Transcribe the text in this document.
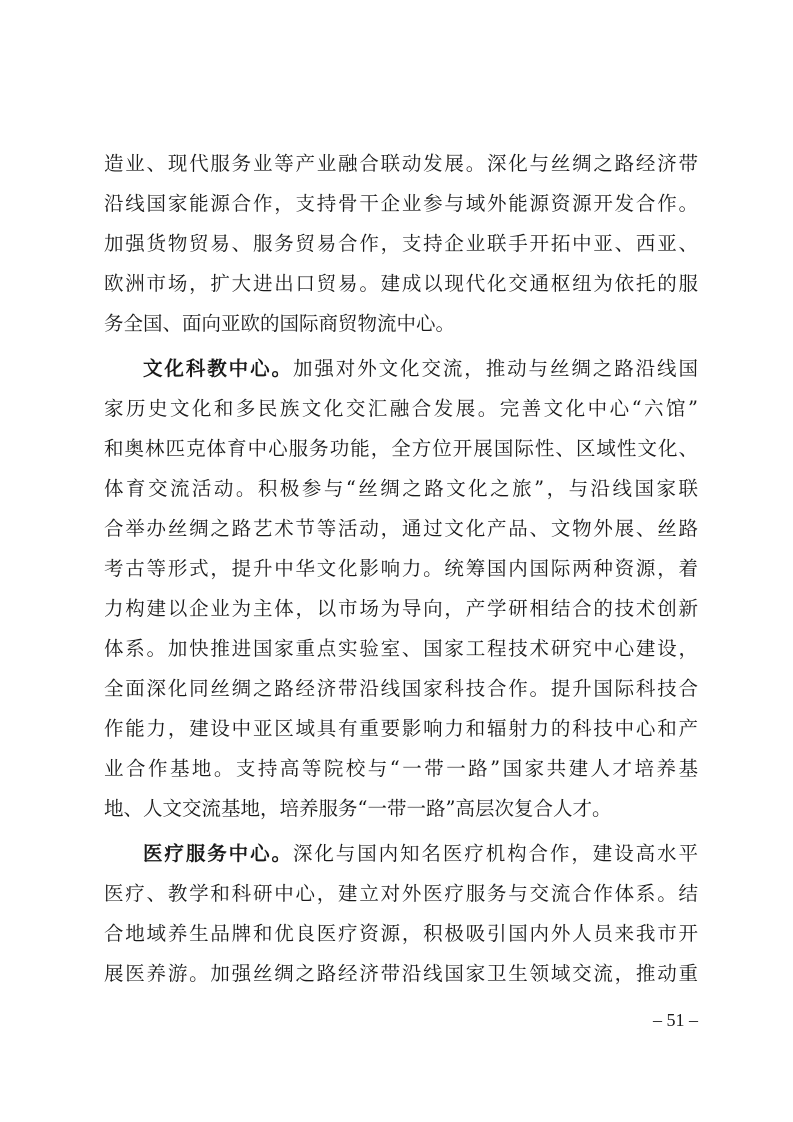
造业、现代服务业等产业融合联动发展。深化与丝绸之路经济带
沿线国家能源合作，支持骨干企业参与域外能源资源开发合作。
加强货物贸易、服务贸易合作，支持企业联手开拓中亚、西亚、
欧洲市场，扩大进出口贸易。建成以现代化交通枢纽为依托的服
务全国、面向亚欧的国际商贸物流中心。
文化科教中心。加强对外文化交流，推动与丝绸之路沿线国
家历史文化和多民族文化交汇融合发展。完善文化中心“六馆”
和奥林匹克体育中心服务功能，全方位开展国际性、区域性文化、
体育交流活动。积极参与“丝绸之路文化之旅”，与沿线国家联
合举办丝绸之路艺术节等活动，通过文化产品、文物外展、丝路
考古等形式，提升中华文化影响力。统筹国内国际两种资源，着
力构建以企业为主体，以市场为导向，产学研相结合的技术创新
体系。加快推进国家重点实验室、国家工程技术研究中心建设，
全面深化同丝绸之路经济带沿线国家科技合作。提升国际科技合
作能力，建设中亚区域具有重要影响力和辐射力的科技中心和产
业合作基地。支持高等院校与“一带一路”国家共建人才培养基
地、人文交流基地，培养服务“一带一路”高层次复合人才。
医疗服务中心。深化与国内知名医疗机构合作，建设高水平
医疗、教学和科研中心，建立对外医疗服务与交流合作体系。结
合地域养生品牌和优良医疗资源，积极吸引国内外人员来我市开
展医养游。加强丝绸之路经济带沿线国家卫生领域交流，推动重
– 51 –
